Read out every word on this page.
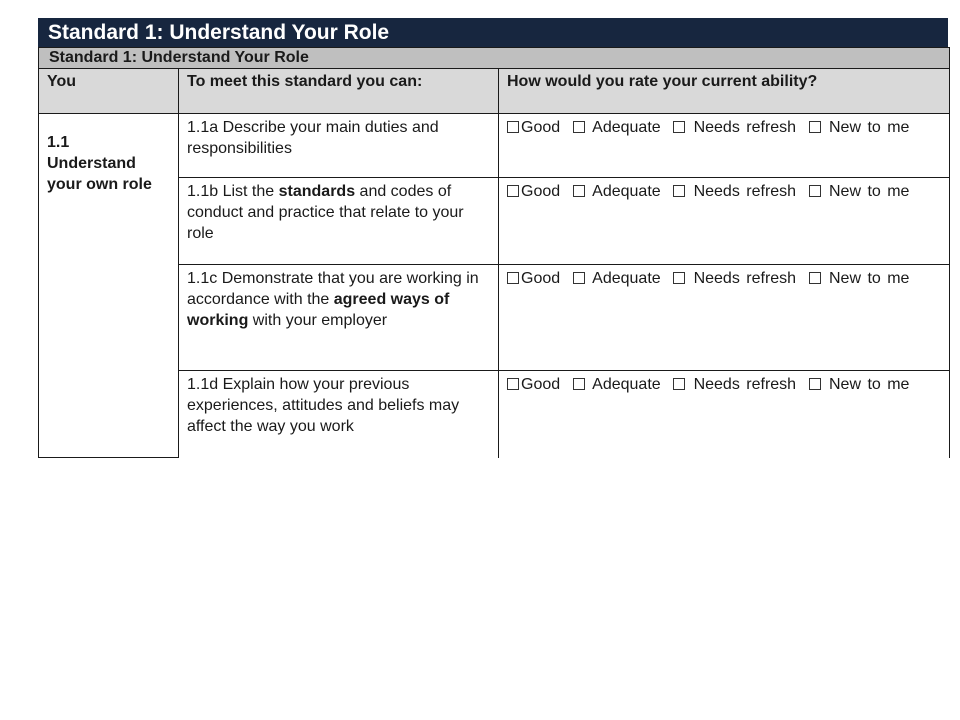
Standard 1: Understand Your Role
Standard 1: Understand Your Role		
You	To meet this standard you can:	How would you rate your current ability?

1.1
Understand
your own role	1.1a Describe your main duties and responsibilities	Good Adequate Needs refresh New to me
	1.1b List the standards and codes of conduct and practice that relate to your role	Good Adequate Needs refresh New to me
	1.1c Demonstrate that you are working in accordance with the agreed ways of working with your employer	Good Adequate Needs refresh New to me
	1.1d Explain how your previous experiences, attitudes and beliefs may affect the way you work	Good Adequate Needs refresh New to me
